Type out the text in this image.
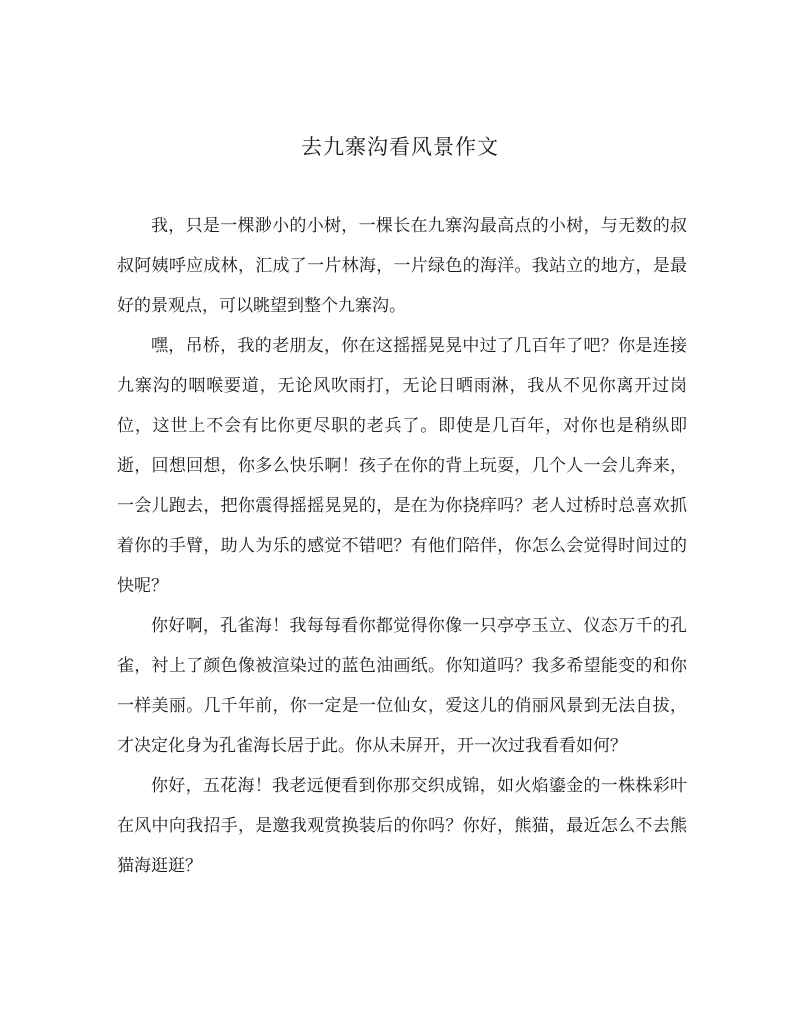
去九寨沟看风景作文

我，只是一棵渺小的小树，一棵长在九寨沟最高点的小树，与无数的叔叔阿姨呼应成林，汇成了一片林海，一片绿色的海洋。我站立的地方，是最好的景观点，可以眺望到整个九寨沟。

嘿，吊桥，我的老朋友，你在这摇摇晃晃中过了几百年了吧？你是连接九寨沟的咽喉要道，无论风吹雨打，无论日晒雨淋，我从不见你离开过岗位，这世上不会有比你更尽职的老兵了。即使是几百年，对你也是稍纵即逝，回想回想，你多么快乐啊！孩子在你的背上玩耍，几个人一会儿奔来，一会儿跑去，把你震得摇摇晃晃的，是在为你挠痒吗？老人过桥时总喜欢抓着你的手臂，助人为乐的感觉不错吧？有他们陪伴，你怎么会觉得时间过的快呢？

你好啊，孔雀海！我每每看你都觉得你像一只亭亭玉立、仪态万千的孔雀，衬上了颜色像被渲染过的蓝色油画纸。你知道吗？我多希望能变的和你一样美丽。几千年前，你一定是一位仙女，爱这儿的俏丽风景到无法自拔，才决定化身为孔雀海长居于此。你从未屏开，开一次过我看看如何？

你好，五花海！我老远便看到你那交织成锦，如火焰鎏金的一株株彩叶在风中向我招手，是邀我观赏换装后的你吗？你好，熊猫，最近怎么不去熊猫海逛逛？
